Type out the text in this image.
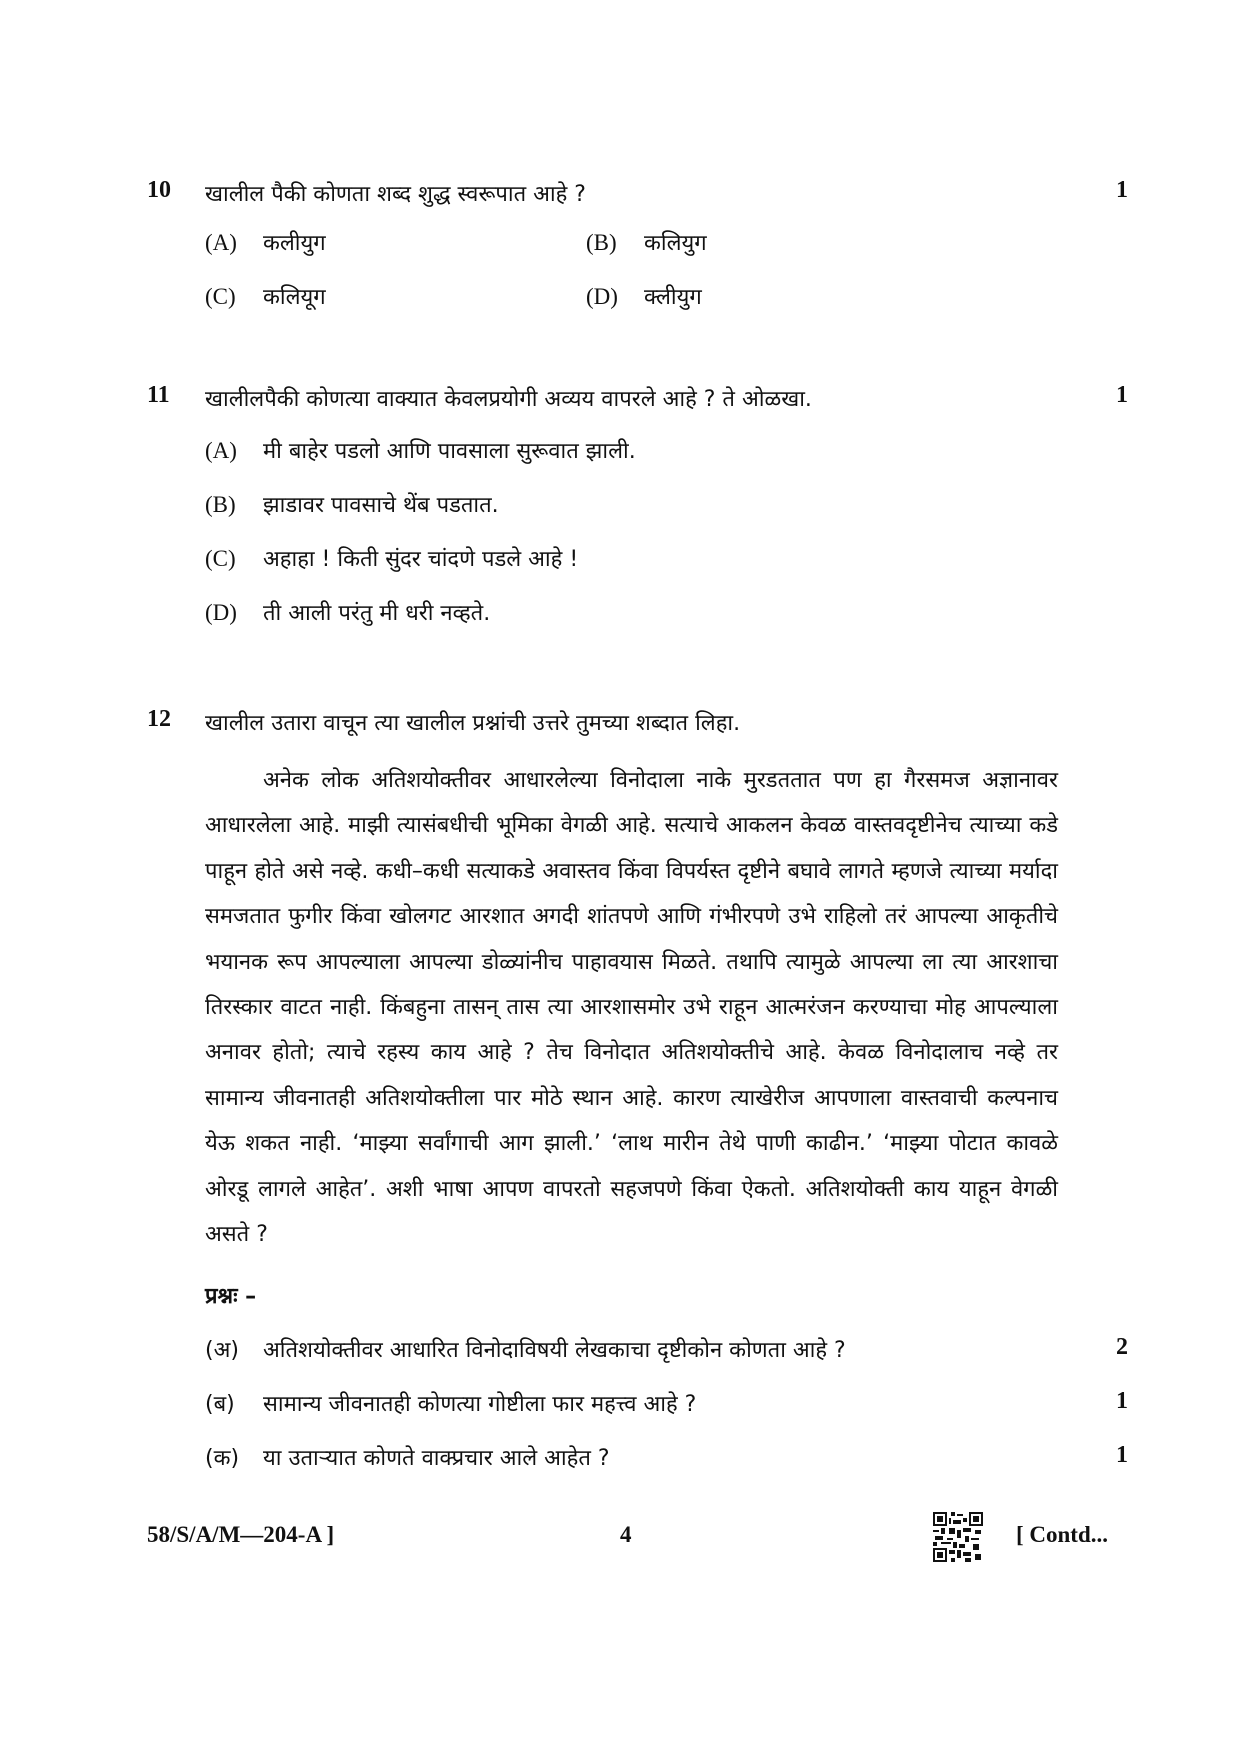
10 खालील पैकी कोणता शब्द शुद्ध स्वरूपात आहे ?	1
(A) कलीयुग	(B) कलियुग
(C) कलियूग	(D) क्लीयुग
11 खालीलपैकी कोणत्या वाक्यात केवलप्रयोगी अव्यय वापरले आहे ? ते ओळखा.	1
(A) मी बाहेर पडलो आणि पावसाला सुरूवात झाली.
(B) झाडावर पावसाचे थेंब पडतात.
(C) अहाहा ! किती सुंदर चांदणे पडले आहे !
(D) ती आली परंतु मी धरी नव्हते.
12 खालील उतारा वाचून त्या खालील प्रश्नांची उत्तरे तुमच्या शब्दात लिहा.

अनेक लोक अतिशयोक्तीवर आधारलेल्या विनोदाला नाके मुरडततात पण हा गैरसमज अज्ञानावर आधारलेला आहे. माझी त्यासंबधीची भूमिका वेगळी आहे. सत्याचे आकलन केवळ वास्तवदृष्टीनेच त्याच्या कडे पाहून होते असे नव्हे. कधी–कधी सत्याकडे अवास्तव किंवा विपर्यस्त दृष्टीने बघावे लागते म्हणजे त्याच्या मर्यादा समजतात फुगीर किंवा खोलगट आरशात अगदी शांतपणे आणि गंभीरपणे उभे राहिलो तरं आपल्या आकृतीचे भयानक रूप आपल्याला आपल्या डोळ्यांनीच पाहावयास मिळते. तथापि त्यामुळे आपल्या ला त्या आरशाचा तिरस्कार वाटत नाही. किंबहुना तासन् तास त्या आरशासमोर उभे राहून आत्मरंजन करण्याचा मोह आपल्याला अनावर होतो; त्याचे रहस्य काय आहे ? तेच विनोदात अतिशयोक्तीचे आहे. केवळ विनोदालाच नव्हे तर सामान्य जीवनातही अतिशयोक्तीला पार मोठे स्थान आहे. कारण त्याखेरीज आपणाला वास्तवाची कल्पनाच येऊ शकत नाही. ‘माझ्या सर्वांगाची आग झाली.’ ‘लाथ मारीन तेथे पाणी काढीन.’ ‘माझ्या पोटात कावळे ओरडू लागले आहेत’. अशी भाषा आपण वापरतो सहजपणे किंवा ऐकतो. अतिशयोक्ती काय याहून वेगळी असते ?

प्रश्नः –
(अ) अतिशयोक्तीवर आधारित विनोदाविषयी लेखकाचा दृष्टीकोन कोणता आहे ?	2
(ब) सामान्य जीवनातही कोणत्या गोष्टीला फार महत्त्व आहे ?	1
(क) या उताऱ्यात कोणते वाक्प्रचार आले आहेत ?	1
58/S/A/M—204-A ]	4	[ Contd...
